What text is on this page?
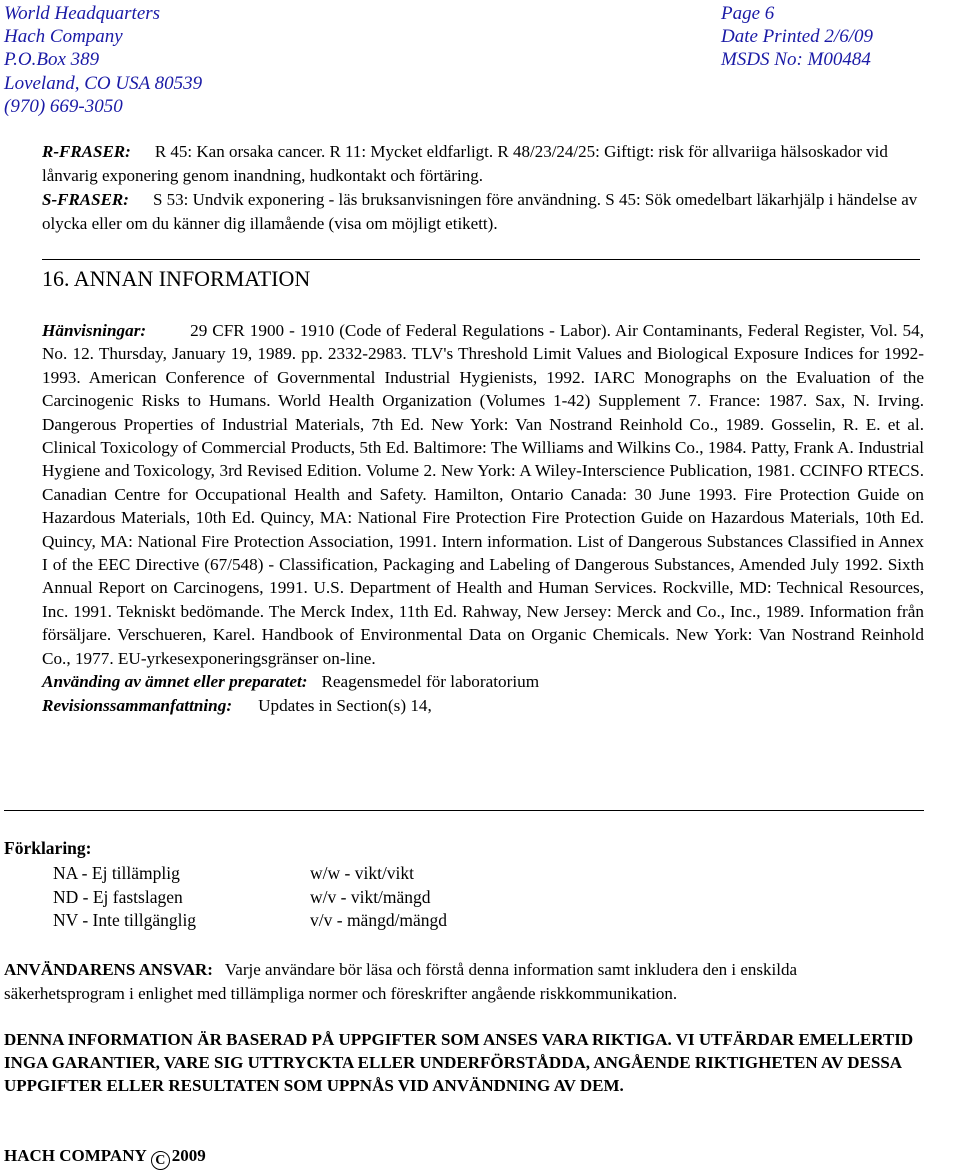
World Headquarters
Hach Company
P.O.Box 389
Loveland, CO USA 80539
(970) 669-3050
Page 6
Date Printed 2/6/09
MSDS No: M00484
R-FRASER: R 45: Kan orsaka cancer. R 11: Mycket eldfarligt. R 48/23/24/25: Giftigt: risk för allvariiga hälsoskador vid lånvarig exponering genom inandning, hudkontakt och förtäring.
S-FRASER: S 53: Undvik exponering - läs bruksanvisningen före användning. S 45: Sök omedelbart läkarhjälp i händelse av olycka eller om du känner dig illamående (visa om möjligt etikett).
16. ANNAN INFORMATION
Hänvisningar:	29 CFR 1900 - 1910 (Code of Federal Regulations - Labor). Air Contaminants, Federal Register, Vol. 54, No. 12. Thursday, January 19, 1989. pp. 2332-2983. TLV's Threshold Limit Values and Biological Exposure Indices for 1992-1993. American Conference of Governmental Industrial Hygienists, 1992. IARC Monographs on the Evaluation of the Carcinogenic Risks to Humans. World Health Organization (Volumes 1-42) Supplement 7. France: 1987. Sax, N. Irving. Dangerous Properties of Industrial Materials, 7th Ed. New York: Van Nostrand Reinhold Co., 1989. Gosselin, R. E. et al. Clinical Toxicology of Commercial Products, 5th Ed. Baltimore: The Williams and Wilkins Co., 1984. Patty, Frank A. Industrial Hygiene and Toxicology, 3rd Revised Edition. Volume 2. New York: A Wiley-Interscience Publication, 1981. CCINFO RTECS. Canadian Centre for Occupational Health and Safety. Hamilton, Ontario Canada: 30 June 1993. Fire Protection Guide on Hazardous Materials, 10th Ed. Quincy, MA: National Fire Protection Fire Protection Guide on Hazardous Materials, 10th Ed. Quincy, MA: National Fire Protection Association, 1991. Intern information. List of Dangerous Substances Classified in Annex I of the EEC Directive (67/548) - Classification, Packaging and Labeling of Dangerous Substances, Amended July 1992. Sixth Annual Report on Carcinogens, 1991. U.S. Department of Health and Human Services. Rockville, MD: Technical Resources, Inc. 1991. Tekniskt bedömande. The Merck Index, 11th Ed. Rahway, New Jersey: Merck and Co., Inc., 1989. Information från försäljare. Verschueren, Karel. Handbook of Environmental Data on Organic Chemicals. New York: Van Nostrand Reinhold Co., 1977. EU-yrkesexponeringsgränser on-line.
Använding av ämnet eller preparatet: Reagensmedel för laboratorium
Revisionssammanfattning: Updates in Section(s) 14,
Förklaring:
NA - Ej tillämplig
ND - Ej fastslagen
NV - Inte tillgänglig
w/w - vikt/vikt
w/v - vikt/mängd
v/v - mängd/mängd
ANVÄNDARENS ANSVAR: Varje användare bör läsa och förstå denna information samt inkludera den i enskilda säkerhetsprogram i enlighet med tillämpliga normer och föreskrifter angående riskkommunikation.
DENNA INFORMATION ÄR BASERAD PÅ UPPGIFTER SOM ANSES VARA RIKTIGA. VI UTFÄRDAR EMELLERTID INGA GARANTIER, VARE SIG UTTRYCKTA ELLER UNDERFÖRSTÅDDA, ANGÅENDE RIKTIGHETEN AV DESSA UPPGIFTER ELLER RESULTATEN SOM UPPNÅS VID ANVÄNDNING AV DEM.
HACH COMPANY C 2009
